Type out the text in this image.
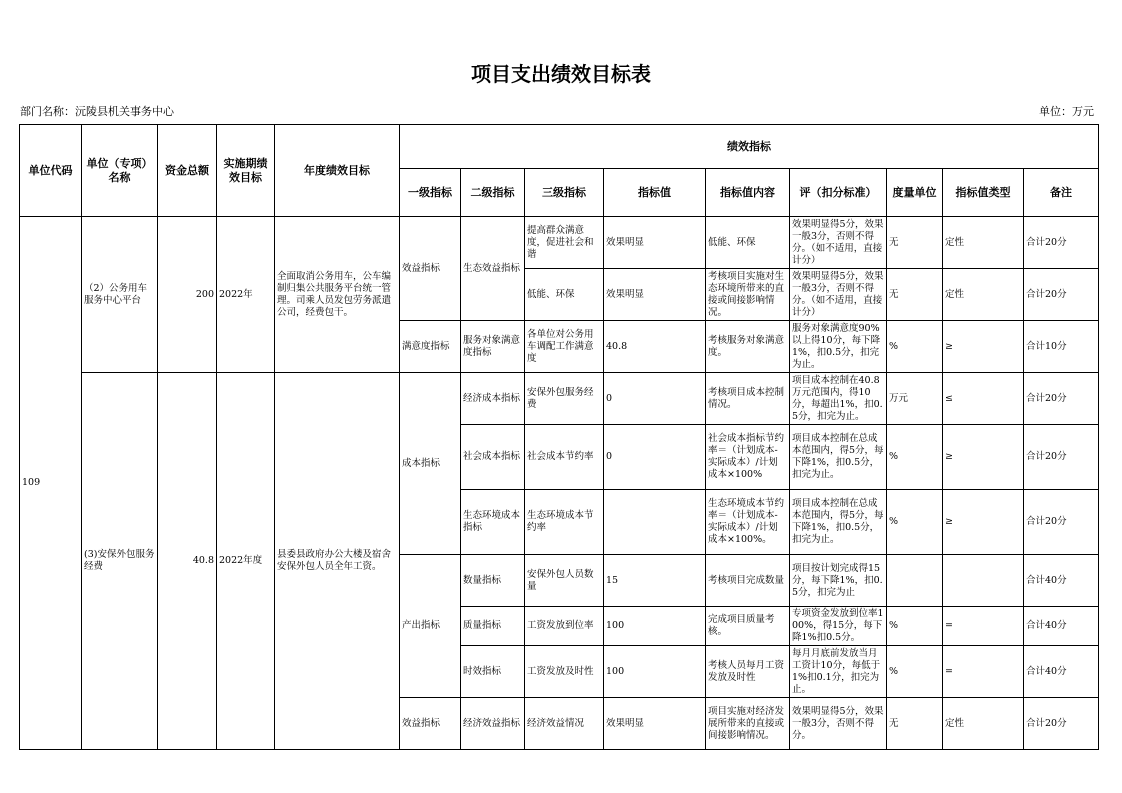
项目支出绩效目标表
部门名称：沅陵县机关事务中心	单位：万元
单位代码	单位（专项）名称	资金总额	实施期绩效目标	年度绩效目标	绩效指标								
					一级指标	二级指标	三级指标	指标值	指标值内容	评（扣分标准）	度量单位	指标值类型	备注
109	（2）公务用车服务中心平台	200	2022年	全面取消公务用车，公车编制归集公共服务平台统一管理。司乘人员发包劳务派遣公司，经费包干。	效益指标	生态效益指标	提高群众满意度，促进社会和谐	效果明显	低能、环保	效果明显得5分，效果一般3分，否则不得分。（如不适用，直接计分）	无	定性	合计20分
							低能、环保	效果明显	考核项目实施对生态环境所带来的直接或间接影响情况。	效果明显得5分，效果一般3分，否则不得分。（如不适用，直接计分）	无	定性	合计20分
					满意度指标	服务对象满意度指标	各单位对公务用车调配工作满意度	40.8	考核服务对象满意度。	服务对象满意度90%以上得10分，每下降1%，扣0.5分，扣完为止。	%	≥	合计10分
	(3)安保外包服务经费	40.8	2022年度	县委县政府办公大楼及宿舍安保外包人员全年工资。	成本指标	经济成本指标	安保外包服务经费	0	考核项目成本控制情况。	项目成本控制在40.8万元范围内，得10分，每超出1%，扣0.5分，扣完为止。	万元	≤	合计20分
						社会成本指标	社会成本节约率	0	社会成本指标节约率＝（计划成本-实际成本）/计划成本×100%	项目成本控制在总成本范围内，得5分，每下降1%，扣0.5分，扣完为止。	%	≥	合计20分
						生态环境成本指标	生态环境成本节约率		生态环境成本节约率＝（计划成本-实际成本）/计划成本×100%。	项目成本控制在总成本范围内，得5分，每下降1%，扣0.5分，扣完为止。	%	≥	合计20分
					产出指标	数量指标	安保外包人员数量	15	考核项目完成数量	项目按计划完成得15分，每下降1%，扣0.5分，扣完为止			合计40分
						质量指标	工资发放到位率	100	完成项目质量考核。	专项资金发放到位率100%，得15分，每下降1%扣0.5分。	%	=	合计40分
						时效指标	工资发放及时性	100	考核人员每月工资发放及时性	每月月底前发放当月工资计10分，每低于1%扣0.1分，扣完为止。	%	=	合计40分
					效益指标	经济效益指标	经济效益情况	效果明显	项目实施对经济发展所带来的直接或间接影响情况。	效果明显得5分，效果一般3分，否则不得分。	无	定性	合计20分
